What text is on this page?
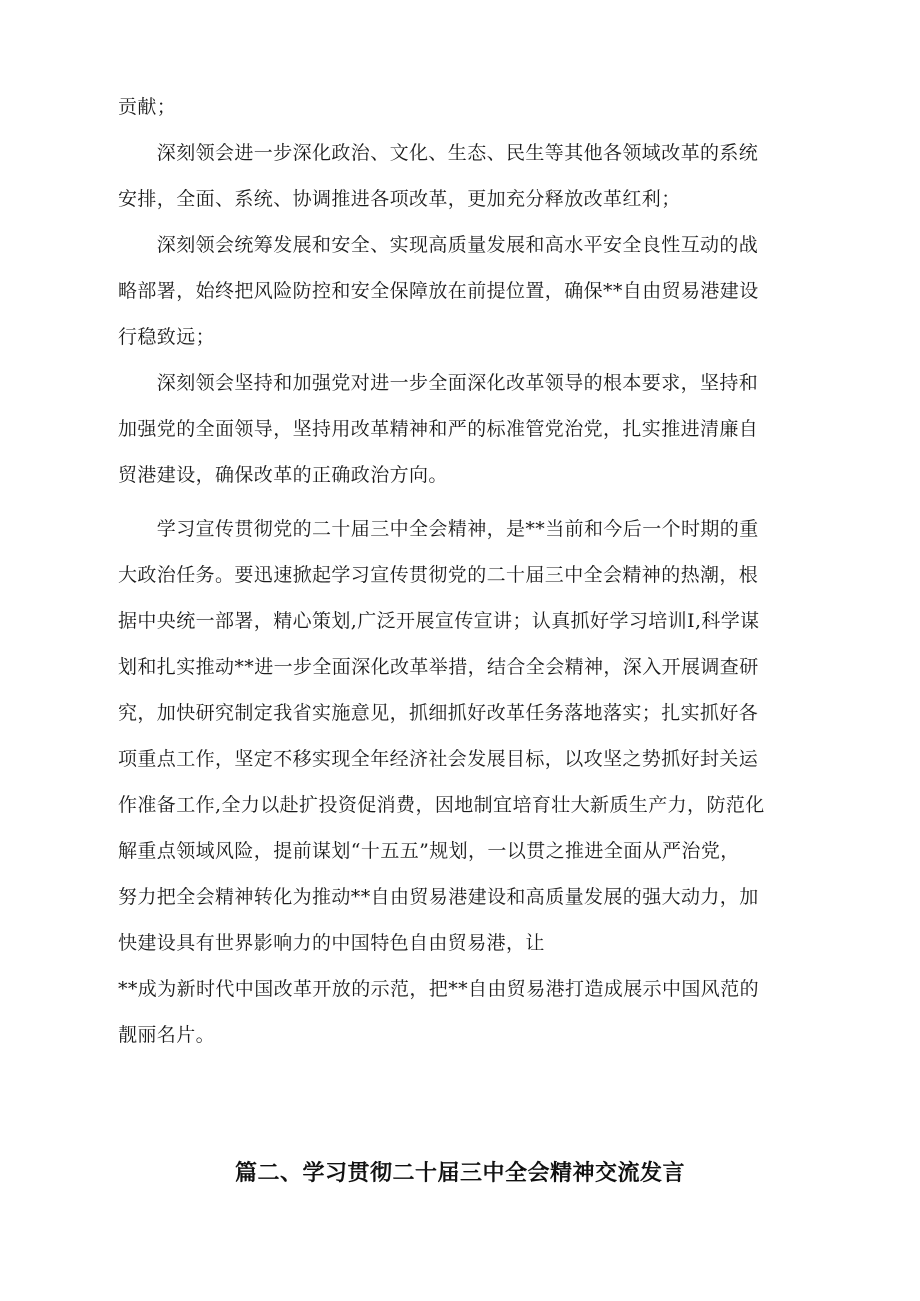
贡献；
　　深刻领会进一步深化政治、文化、生态、民生等其他各领域改革的系统
安排，全面、系统、协调推进各项改革，更加充分释放改革红利；
　　深刻领会统筹发展和安全、实现高质量发展和高水平安全良性互动的战
略部署，始终把风险防控和安全保障放在前提位置，确保**自由贸易港建设
行稳致远；
　　深刻领会坚持和加强党对进一步全面深化改革领导的根本要求，坚持和
加强党的全面领导，坚持用改革精神和严的标准管党治党，扎实推进清廉自
贸港建设，确保改革的正确政治方向。
　　学习宣传贯彻党的二十届三中全会精神，是**当前和今后一个时期的重
大政治任务。要迅速掀起学习宣传贯彻党的二十届三中全会精神的热潮，根
据中央统一部署，精心策划,广泛开展宣传宣讲；认真抓好学习培训I,科学谋
划和扎实推动**进一步全面深化改革举措，结合全会精神，深入开展调查研
究，加快研究制定我省实施意见，抓细抓好改革任务落地落实；扎实抓好各
项重点工作，坚定不移实现全年经济社会发展目标，以攻坚之势抓好封关运
作准备工作,全力以赴扩投资促消费，因地制宜培育壮大新质生产力，防范化
解重点领域风险，提前谋划“十五五”规划，一以贯之推进全面从严治党，
努力把全会精神转化为推动**自由贸易港建设和高质量发展的强大动力，加
快建设具有世界影响力的中国特色自由贸易港，让
**成为新时代中国改革开放的示范，把**自由贸易港打造成展示中国风范的
靓丽名片。
篇二、学习贯彻二十届三中全会精神交流发言
